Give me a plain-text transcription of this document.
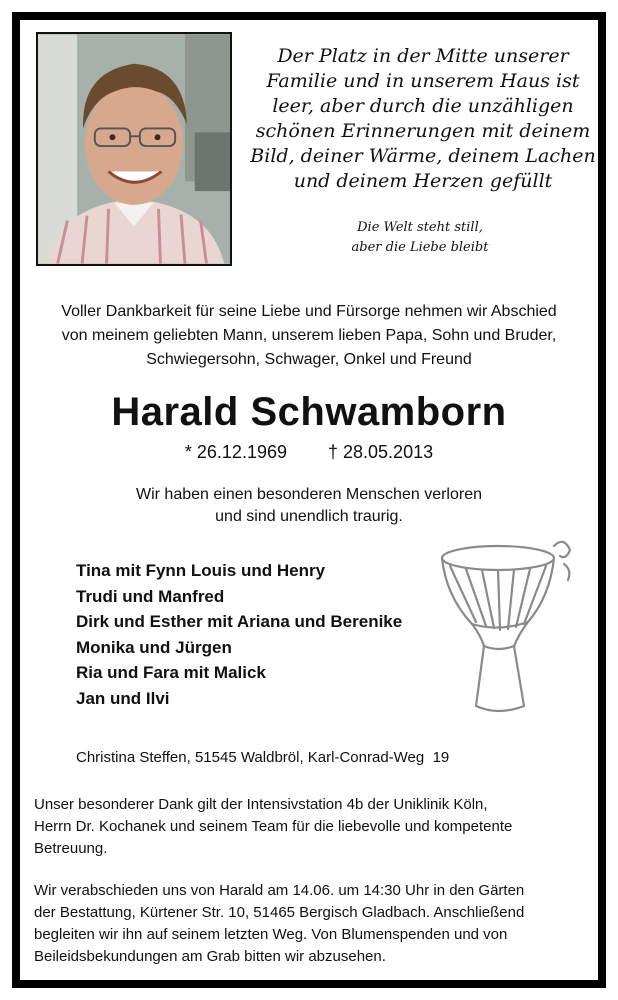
Der Platz in der Mitte unserer
Familie und in unserem Haus ist
leer, aber durch die unzähligen
schönen Erinnerungen mit deinem
Bild, deiner Wärme, deinem Lachen
und deinem Herzen gefüllt
Die Welt steht still,
aber die Liebe bleibt
Voller Dankbarkeit für seine Liebe und Fürsorge nehmen wir Abschied
von meinem geliebten Mann, unserem lieben Papa, Sohn und Bruder,
Schwiegersohn, Schwager, Onkel und Freund
Harald Schwamborn
* 26.12.1969 † 28.05.2013
Wir haben einen besonderen Menschen verloren
und sind unendlich traurig.
Tina mit Fynn Louis und Henry
Trudi und Manfred
Dirk und Esther mit Ariana und Berenike
Monika und Jürgen
Ria und Fara mit Malick
Jan und Ilvi
Christina Steffen, 51545 Waldbröl, Karl-Conrad-Weg  19
Unser besonderer Dank gilt der Intensivstation 4b der Uniklinik Köln,
Herrn Dr. Kochanek und seinem Team für die liebevolle und kompetente
Betreuung.
Wir verabschieden uns von Harald am 14.06. um 14:30 Uhr in den Gärten
der Bestattung, Kürtener Str. 10, 51465 Bergisch Gladbach. Anschließend
begleiten wir ihn auf seinem letzten Weg. Von Blumenspenden und von
Beileidsbekundungen am Grab bitten wir abzusehen.
